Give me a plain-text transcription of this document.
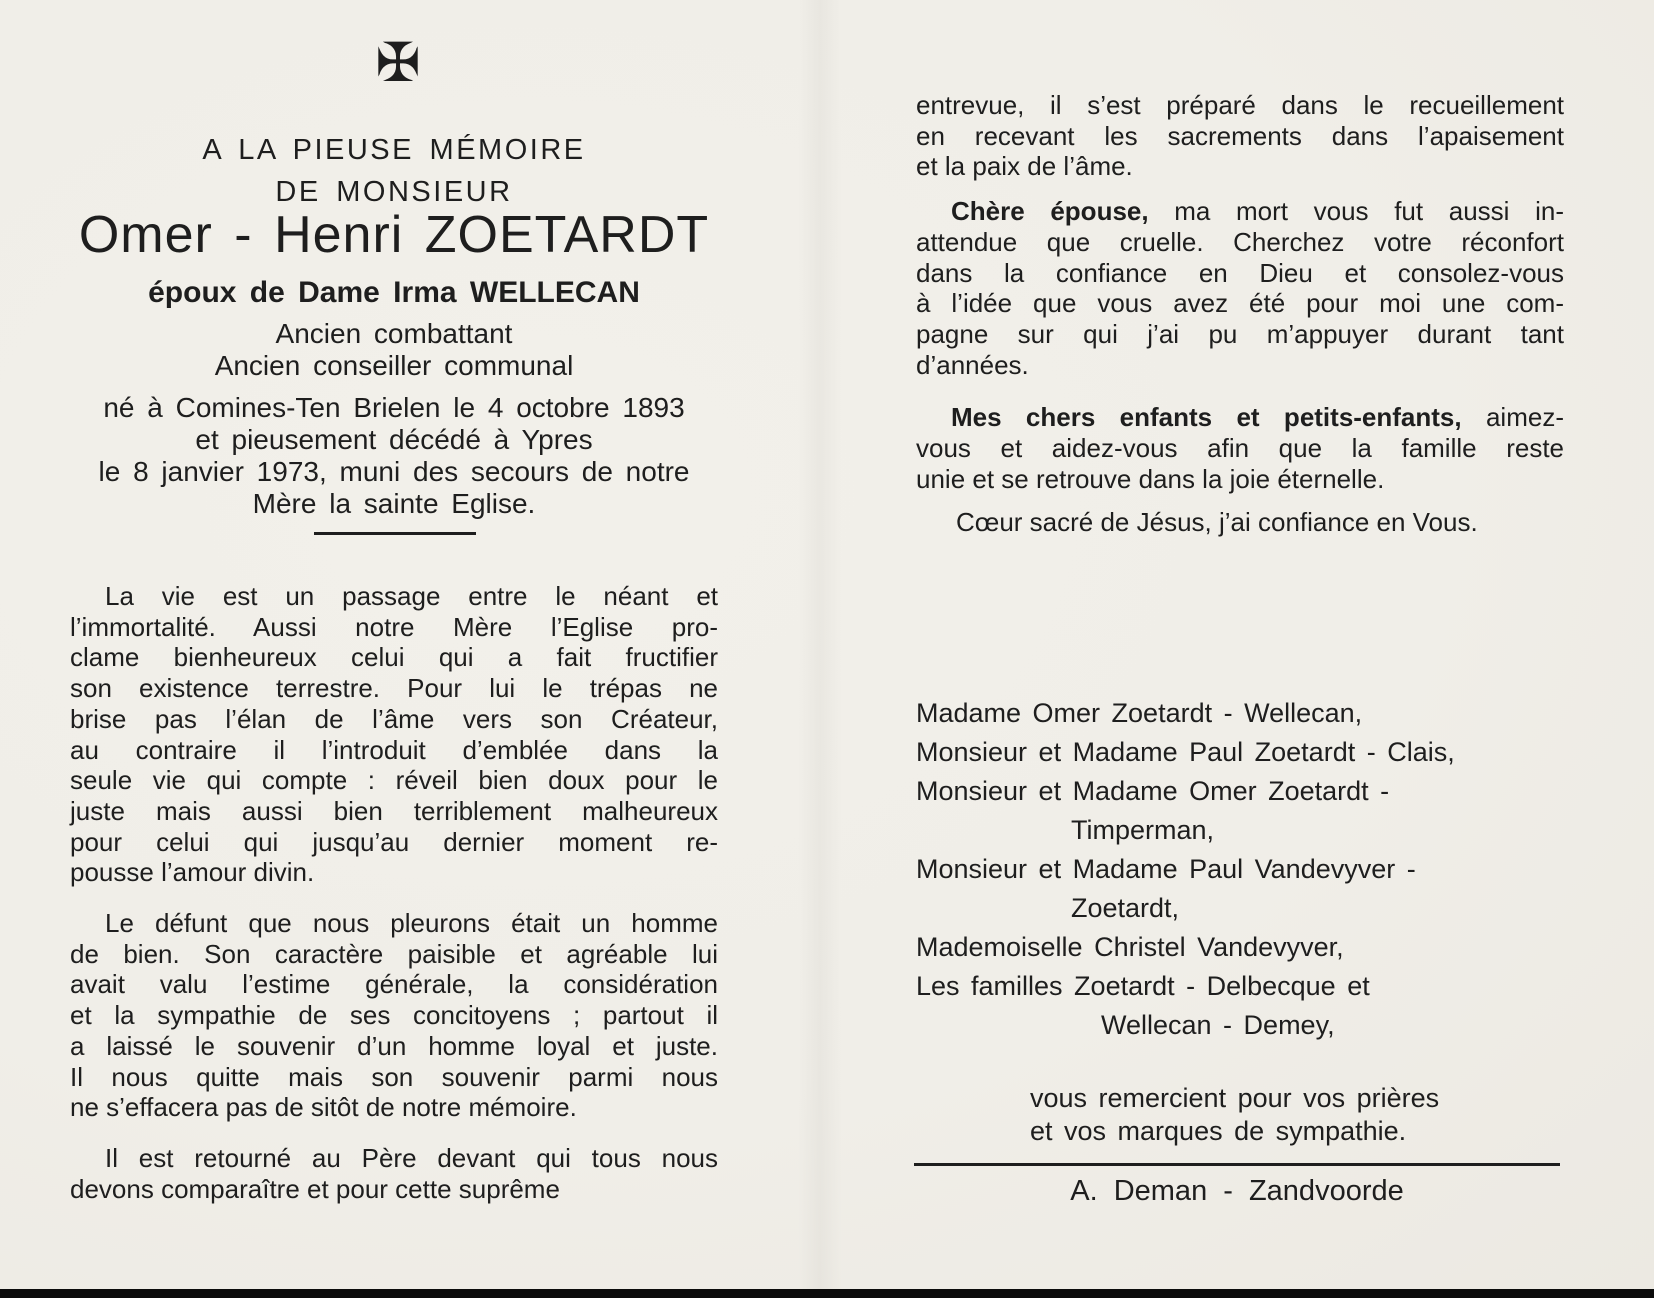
✠
A LA PIEUSE MÉMOIRE
DE MONSIEUR
Omer - Henri ZOETARDT
époux de Dame Irma WELLECAN
Ancien combattant
Ancien conseiller communal
né à Comines-Ten Brielen le 4 octobre 1893
et pieusement décédé à Ypres
le 8 janvier 1973, muni des secours de notre
Mère la sainte Eglise.
La vie est un passage entre le néant et
l’immortalité. Aussi notre Mère l’Eglise pro-
clame bienheureux celui qui a fait fructifier
son existence terrestre. Pour lui le trépas ne
brise pas l’élan de l’âme vers son Créateur,
au contraire il l’introduit d’emblée dans la
seule vie qui compte : réveil bien doux pour le
juste mais aussi bien terriblement malheureux
pour celui qui jusqu’au dernier moment re-
pousse l’amour divin.
Le défunt que nous pleurons était un homme
de bien. Son caractère paisible et agréable lui
avait valu l’estime générale, la considération
et la sympathie de ses concitoyens ; partout il
a laissé le souvenir d’un homme loyal et juste.
Il nous quitte mais son souvenir parmi nous
ne s’effacera pas de sitôt de notre mémoire.
Il est retourné au Père devant qui tous nous
devons comparaître et pour cette suprême
entrevue, il s’est préparé dans le recueillement
en recevant les sacrements dans l’apaisement
et la paix de l’âme.
Chère épouse, ma mort vous fut aussi in-
attendue que cruelle. Cherchez votre réconfort
dans la confiance en Dieu et consolez-vous
à l’idée que vous avez été pour moi une com-
pagne sur qui j’ai pu m’appuyer durant tant
d’années.
Mes chers enfants et petits-enfants, aimez-
vous et aidez-vous afin que la famille reste
unie et se retrouve dans la joie éternelle.
Cœur sacré de Jésus, j’ai confiance en Vous.
Madame Omer Zoetardt - Wellecan,
Monsieur et Madame Paul Zoetardt - Clais,
Monsieur et Madame Omer Zoetardt -
Timperman,
Monsieur et Madame Paul Vandevyver -
Zoetardt,
Mademoiselle Christel Vandevyver,
Les familles Zoetardt - Delbecque et
Wellecan - Demey,
vous remercient pour vos prières
et vos marques de sympathie.
A. Deman - Zandvoorde
